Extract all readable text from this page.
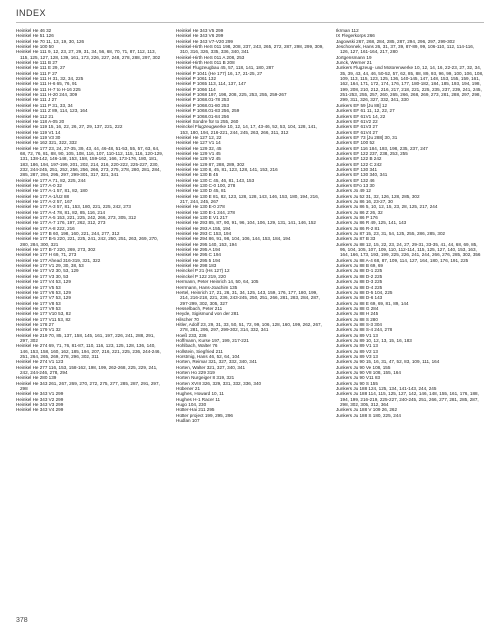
INDEX
Heinkel He 46 32
Heinkel He 51 126
Heinkel He 70 11, 13, 19, 30, 126
Heinkel He 100 50
Heinkel He 111 9, 12, 23, 27, 29, 31, 34, 56, 68, 70, 71, 87, 112, 113, 115, 125, 127, 128, 139, 161, 173, 226, 227, 248, 278, 288, 297, 302
Heinkel He 111 B 27
Heinkel He 111 E 29, 27
Heinkel He 111 F 27
Heinkel He 111 H 31, 32, 34, 225
Heinkel He 111 H-6 65, 76, 91
Heinkel He 111 H-7 to H-16 225
Heinkel He 111 H-20 244, 309
Heinkel He 111 J 27
Heinkel He 111 P 31, 33, 34
Heinkel He 111 Z 89, 114, 123, 164
Heinkel He 112 21
Heinkel He 118 A-05 20
Heinkel He 119 15, 16, 22, 26, 27, 29, 137, 221, 222
Heinkel He 119 V1 14
Heinkel He 119 V3 30
Heinkel He 162 321, 322, 332
Heinkel He 177 23, 24, 27-35, 39, 43, 44, 46-48, 51-53, 55, 57, 63, 64, 68, 72, 76, 81, 88, 90, 105, 108, 116, 107, 110-112, 115, 116, 120-129, 131, 138-142, 146-148, 153, 158, 159-162, 166, 173-176, 180, 181, 183, 186, 194, 197-199, 201, 202, 214, 216, 220-222, 225-227, 230, 232, 244-245, 251, 252, 256, 256, 266, 273, 275, 278, 280, 281, 284, 285, 287, 294, 295, 297, 299-301, 317, 321, 341
Heinkel He 177 A 71, 82, 225, 244
Heinkel He 177 A-0 32
Heinkel He 177 A-1 57, 81, 82, 180
Heinkel He 177 A-1/U2 88
Heinkel He 177 A-2 57, 167
Heinkel He 177 A-3 57, 81, 153, 180, 221, 225, 242, 273
Heinkel He 177 A-4 78, 81, 82, 85, 116, 214
Heinkel He 177 A-5 153, 221, 225, 242, 266, 273, 305, 312
Heinkel He 177 A-7 176, 197, 262, 312, 273
Heinkel He 177 A-8 222, 216
Heinkel He 177 B 60, 198, 160, 221, 244, 277, 312
Heinkel He 177 B-5 220, 221, 225, 241, 242, 250, 251, 263, 269, 270, 280, 284, 300, 321
Heinkel He 177 B-7 220, 269, 273, 302
Heinkel He 177 H 69, 71, 273
Heinkel He 177 Ahead 316-319, 321, 322
Heinkel He 177 V1 29, 30, 38, 53
Heinkel He 177 V2 30, 53, 129
Heinkel He 177 V3 30, 53
Heinkel He 177 V4 53, 129
Heinkel He 177 V5 53
Heinkel He 177 V6 53, 129
Heinkel He 177 V7 53, 129
Heinkel He 177 V8 53
Heinkel He 177 V9 53
Heinkel He 177 V10 53, 82
Heinkel He 177 V11 53, 82
Heinkel He 178 27
Heinkel He 179 V1 32
Heinkel He 219 70, 85, 137, 158, 145, 161, 197, 226, 241, 288, 291, 297, 302
Heinkel He 274 69, 71, 76, 81-87, 110, 116, 123, 125, 128, 136, 140, 146, 153, 158, 160, 162, 185, 194, 207, 216, 221, 225, 236, 244-246, 251, 264, 265, 269, 278, 296, 302, 311
Heinkel He 274 V1 123
Heinkel He 277 116, 153, 158-162, 198, 199, 262-268, 225, 229, 241, 242, 244-246, 278, 294
Heinkel He 280 139
Heinkel He 343 261, 267, 269, 270, 272, 275, 277, 285, 287, 291, 297, 298
Heinkel He 343 V1 299
Heinkel He 343 V2 299
Heinkel He 343 V3 299
Heinkel He 343 V4 299
Heinkel He 343 V5 299
Heinkel He 343 V6 299
Heinkel He 343 V7-V20 299
Heinkel-Hirth HeS 011 198, 208, 237, 243, 265, 272, 287, 298, 299, 309, 310, 316, 326, 335, 336, 340, 341
Heinkel-Hirth HeS 011 A 208, 253
Heinkel-Hirth HeS 011 B 208
Heinkel Flugzeugbau 45, 57, 118, 141, 180, 287
Heinkel P 1041 (He 177) 16, 17, 21-25, 27
Heinkel P 1061 132
Heinkel P 1065 113, 114, 137, 147
Heinkel P 1066 114
Heinkel P 1068 197, 198, 208, 225, 253, 255, 259-267
Heinkel P 1068.01-78 253
Heinkel P 1068.01-80 253
Heinkel P 1068.01-83 256, 259
Heinkel P 1068.01-84 256
Heinkel Sondre für to 255, 260
Heinckel Flugzeugwerke 10, 12, 14, 17, 43-46, 52, 53, 104, 128, 141, 153, 180, 194, 216-221, 244, 245, 263, 266, 311, 312
Heinkel He 127 12, 22
Heinkel He 127 V1 14
Heinkel He 129 32, 45
Heinkel He 129 V1 45
Heinkel He 129 V2 45
Heinkel He 129 87, 288, 289, 302
Heinkel He 130 8, 45, 81, 123, 128, 141, 153, 216
Heinkel He 130 B 45
Heinkel He 130 C 45, 46, 81, 143, 153
Heinkel He 130 C-0 100, 278
Heinkel He 130 D 45, 81
Heinkel He 130 E 81, 82, 123, 128, 128, 143, 146, 153, 180, 194, 216, 217, 244, 245, 267
Heinkel He 130 E-0 278
Heinkel He 130 E-1 244, 278
Heinkel He 130 E V1 217
Heinkel He 293 85, 87, 90, 91, 96, 104, 106, 129, 131, 141, 146, 152
Heinkel He 293 A 155, 194
Heinkel He 293 C 153, 194
Heinkel He 294 86, 91, 98, 104, 106, 144, 153, 184, 194
Heinkel He 295 140, 153, 194
Heinkel He 295 A 194
Heinkel He 295 C 194
Heinkel He 295 5 194
Heinkel He 298 183
Heinckel P 21 (Hs 127) 12
Heinckel P 122 219, 220
Hermann, Peter Heinrich 14, 50, 64, 105
Herrmann, Hans-Joachim 135
Hertel, Heinrich 17, 21, 26, 31, 34, 125, 143, 159, 176, 177, 180, 199, 214, 216-218, 221, 236, 243-245, 250, 251, 266, 281, 283, 284, 287, 297-299, 302, 305, 327
Hesselbach, Peter 211
Heyde, Sigismund von der 281
Hilscher 70
Hitler, Adolf 23, 29, 31, 33, 50, 51, 72, 99, 106, 128, 160, 199, 262, 267, 278, 281, 295, 297, 299-302, 314, 332, 341
Hoeß 233, 236
Hoffmann, Kurse 197, 199, 217-221
Hohlbach, Walter 76
Hollstein, Siegfried 211
Horstmig, Hans 46, 52, 64, 104
Horten, Reimar 321, 327, 332, 340, 341
Horten, Walter 321, 327, 340, 341
Horten Ho 229 319
Horten Nurgeiger 8 319, 321
Horten XVIII 326, 329, 331, 332, 336, 340
Hübener 21
Hughes, Howard 10, 11
Hughes H-1 Racer 11
Hugo 104, 230
Hütter-Hai 211 295
Hütter project 199, 295, 296
Hudlan 107
Ikrman 112
IX Flegerkorps 266
Jagowski 267, 268, 284, 285, 287, 294, 296, 297, 299-302
Jeschonnek, Hans 26, 31, 37, 39, 87-89, 99, 106-110, 112, 114-116, 126, 127, 161-164, 217, 280
Jortgensmann 19
Junck, Werner 21
Junkers Flugzeug- und Motorenwerke 10, 12, 14, 16, 22-23, 27, 32, 34, 35, 39, 43, 44, 46, 50-52, 57, 62, 85, 88, 89, 93, 96, 99, 100, 106, 108, 109, 113, 115, 123, 125, 136, 140-145, 147, 148, 153, 155, 159, 161, 162, 164, 171, 172, 174, 176, 177, 180-182, 184, 185, 193, 194, 198, 199, 208, 210, 212, 216, 217, 218, 221, 225, 235, 237, 239, 241, 245, 251-253, 255, 257, 260, 265, 266, 268, 269, 273, 281, 288, 297, 298, 299, 311, 326, 327, 332, 341, 330
Junkers EF 59 [Ju 88] 12
Junkers EF 61 11, 12, 22, 27
Junkers EF 61V1 14, 22
Junkers EF 61V2 22
Junkers EF 61V3 27
Junkers EF 61V4 27
Junkers EF 73 [Ju 288] 30, 31
Junkers EF 100 52
Junkers EF 116 184, 193, 198, 235, 237, 247
Junkers EF 122 237, 238, 253, 255
Junkers EF 122 B 242
Junkers EF 122 C 242
Junkers EF 130 341
Junkers EF 130 340, 341
Junkers EF 132 46
Junkers EFo 13 30
Junkers Jo 49 12
Junkers Ju 52 31, 32, 126, 128, 285, 302
Junkers Ju 86 16, 23-27, 30
Junkers Ju 86 5, 10, 12, 15, 23, 28, 125, 217, 244
Junkers Ju 86 Z 26, 32
Junkers Ju 86 P 176
Junkers Ju 86 R 49, 125, 141, 143
Junkers Ju 86 R-2 81
Junkers Ju 87 15, 23, 31, 54, 125, 255, 286, 285, 302
Junkers Ju 87 B 33
Junkers Ju 88 12, 15, 22, 23, 24, 27, 29-31, 33-35, 41, 44, 68, 69, 85, 95, 104, 105, 107, 109, 110, 112-114, 115, 125, 127, 140, 153, 163, 164, 166, 173, 193, 199, 225, 226, 241, 244, 266, 276, 285, 302, 356
Junkers Ju 88 A-4 68, 87, 109, 114, 127, 164, 180, 176, 191, 225
Junkers Ju 88 B 69, 69
Junkers Ju 88 D-1 225
Junkers Ju 88 D-2 225
Junkers Ju 88 D-3 225
Junkers Ju 88 D-4 225
Junkers Ju 88 D-5 104, 225
Junkers Ju 88 D-6 143
Junkers Ju 88 E 69, 69, 81, 89, 144
Junkers Ju 88 G 284
Junkers Ju 88 H 245
Junkers Ju 88 S 280
Junkers Ju 88 S-3 304
Junkers Ju 88 S-4 244, 278
Junkers Ju 89 V1 13
Junkers Ju 89 10, 12, 13, 15, 16, 183
Junkers Ju 89 V1 13
Junkers Ju 89 V2 13
Junkers Ju 89 V3 13
Junkers Ju 90 15, 16, 31, 47, 52, 83, 109, 111, 164
Junkers Ju 90 Ve 108, 155
Junkers Ju 90 V8 108, 155, 164
Junkers Ju 90 V11 83
Junkers Ju 90 S 155
Junkers Ju 188 124, 125, 134, 141-143, 244, 245
Junkers Ju 188 114, 115, 125, 127, 142, 146, 148, 155, 161, 176, 188, 194, 199, 216-219, 225-227, 240-245, 251, 266, 277, 281, 285, 287, 298, 302, 305, 312, 364
Junkers Ju 188 V 109 26, 262
Junkers Ju 188 S 180, 225, 244
378
